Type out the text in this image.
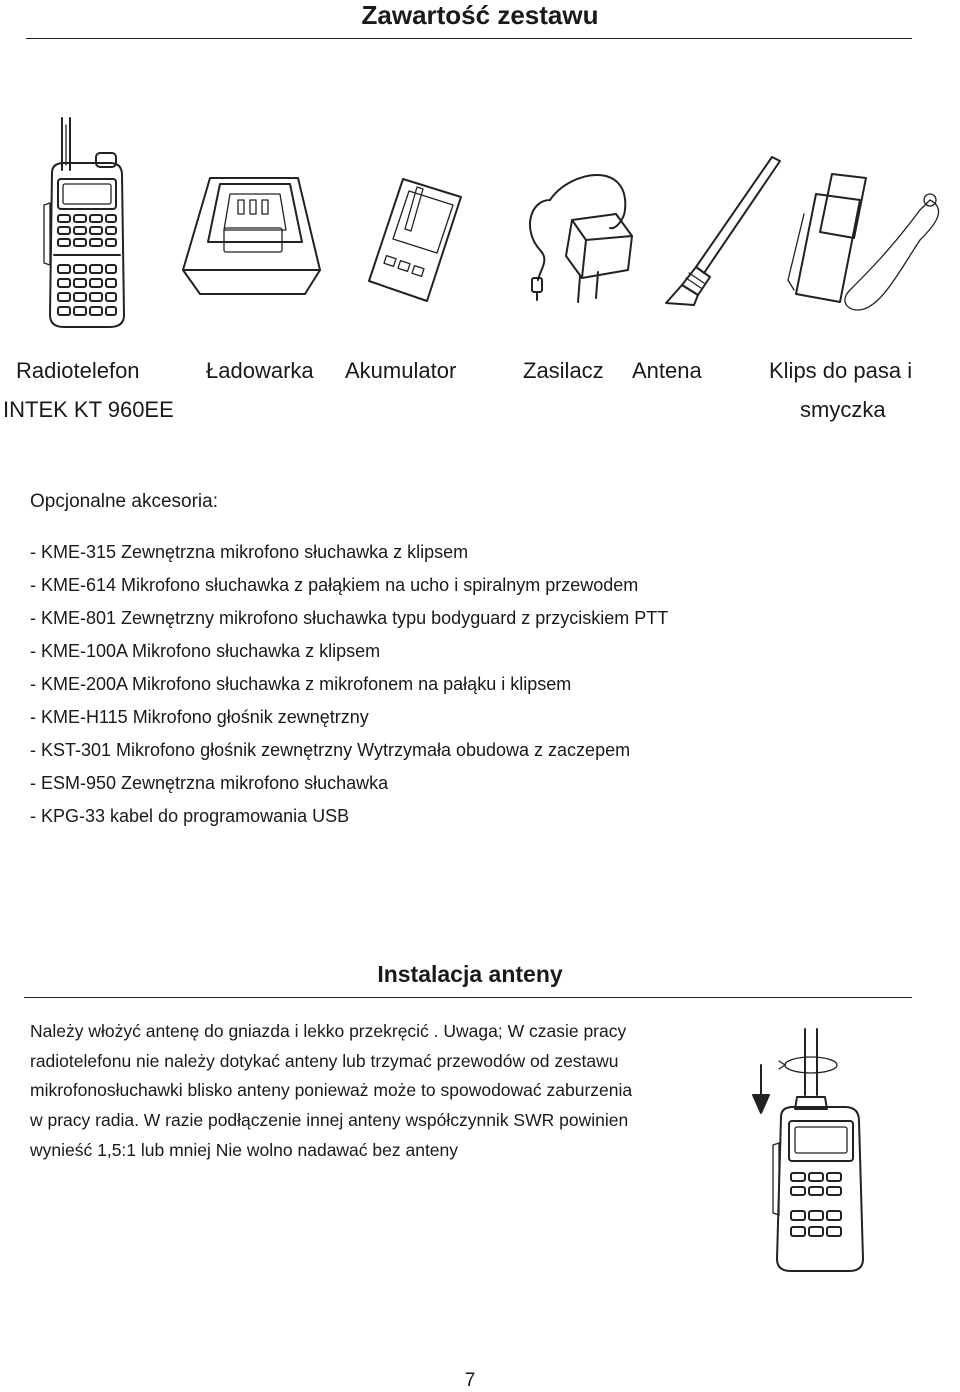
Zawartość zestawu
Radiotelefon
INTEK KT 960EE
Ładowarka Akumulator	Zasilacz Antena	Klips do pasa i
smyczka
Opcjonalne akcesoria:
- KME-315 Zewnętrzna mikrofono słuchawka z klipsem
- KME-614 Mikrofono słuchawka z pałąkiem na ucho i spiralnym przewodem
- KME-801 Zewnętrzny mikrofono słuchawka typu bodyguard z przyciskiem PTT
- KME-100A Mikrofono słuchawka z klipsem
- KME-200A Mikrofono słuchawka z mikrofonem na pałąku i klipsem
- KME-H115 Mikrofono głośnik zewnętrzny
- KST-301 Mikrofono głośnik zewnętrzny Wytrzymała obudowa z zaczepem
- ESM-950 Zewnętrzna mikrofono słuchawka
- KPG-33 kabel do programowania USB
Instalacja anteny
Należy włożyć antenę do gniazda i lekko przekręcić . Uwaga; W czasie pracy
radiotelefonu nie należy dotykać anteny lub trzymać przewodów od zestawu
mikrofonosłuchawki blisko anteny ponieważ może to spowodować zaburzenia
w pracy radia. W razie podłączenie innej anteny współczynnik SWR powinien
wynieść 1,5:1 lub mniej Nie wolno nadawać bez anteny
7
